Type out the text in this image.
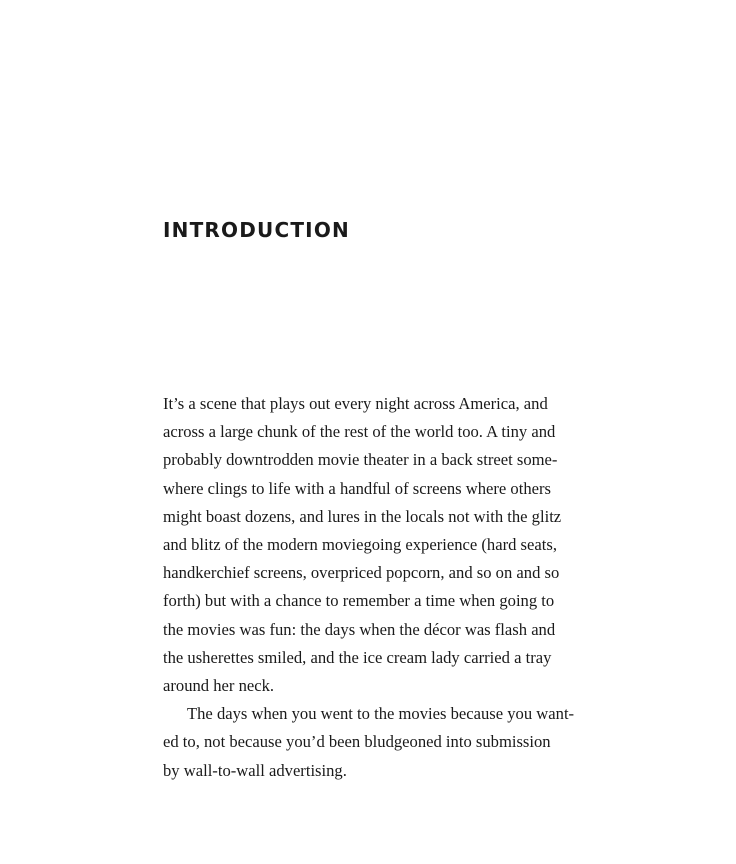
INTRODUCTION

It’s a scene that plays out every night across America, and
across a large chunk of the rest of the world too. A tiny and
probably downtrodden movie theater in a back street some-
where clings to life with a handful of screens where others
might boast dozens, and lures in the locals not with the glitz
and blitz of the modern moviegoing experience (hard seats,
handkerchief screens, overpriced popcorn, and so on and so
forth) but with a chance to remember a time when going to
the movies was fun: the days when the décor was flash and
the usherettes smiled, and the ice cream lady carried a tray
around her neck.

The days when you went to the movies because you want-
ed to, not because you’d been bludgeoned into submission
by wall-to-wall advertising.
